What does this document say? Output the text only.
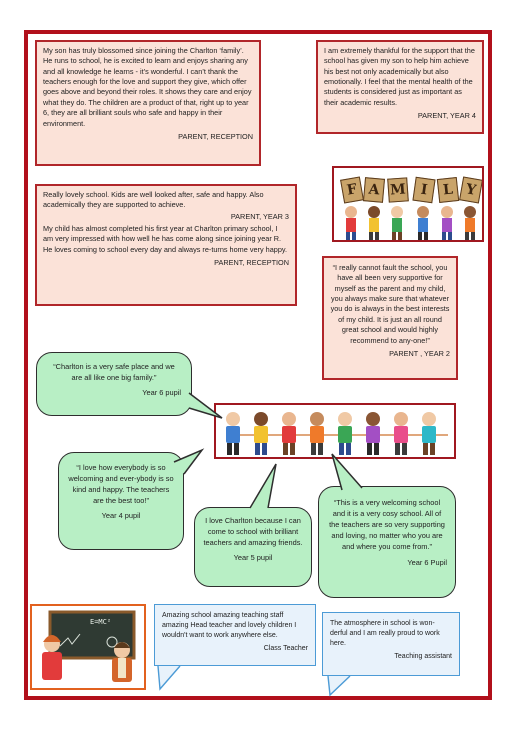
My son has truly blossomed since joining the Charlton ‘family’. He runs to school, he is excited to learn and enjoys sharing any and all knowledge he learns - it’s wonderful. I can’t thank the teachers enough for the love and support they give, which offer goes above and beyond their roles. It shows they care and enjoy what they do. The children are a product of that, right up to year 6, they are all brilliant souls who safe and happy in their environment.

PARENT, RECEPTION

I am extremely thankful for the support that the school has given my son to help him achieve his best not only academically but also emotionally. I feel that the mental health of the students is considered just as important as their academic results.

PARENT, YEAR 4

Really lovely school. Kids are well looked after, safe and happy. Also academically they are supported to achieve.

PARENT, YEAR 3

My child has almost completed his first year at Charlton primary school, I am very impressed with how well he has come along since joining year R. He loves coming to school every day and always re-turns home very happy.

PARENT, RECEPTION

“I really cannot fault the school, you have all been very supportive for myself as the parent and my child, you always make sure that whatever you do is always in the best interests of my child. It is just an all round great school and would highly recommend to any-one!”

PARENT , YEAR 2

F A M I L Y
“Charlton is a very safe place and we are all like one big family.”
Year 6 pupil
“I love how everybody is so welcoming and ever-ybody is so kind and happy. The teachers are the best too!”
Year 4 pupil
I love Charlton because I can come to school with brilliant teachers and amazing friends.
Year 5 pupil
“This is a very welcoming school and it is a very cosy school. All of the teachers are so very supporting and loving, no matter who you are and where you come from.”
Year 6 Pupil
E=MC²
Amazing school amazing teaching staff amazing Head teacher and lovely children I wouldn't want to work anywhere else.
Class Teacher
The atmosphere in school is won-derful and I am really proud to work here.
Teaching assistant
